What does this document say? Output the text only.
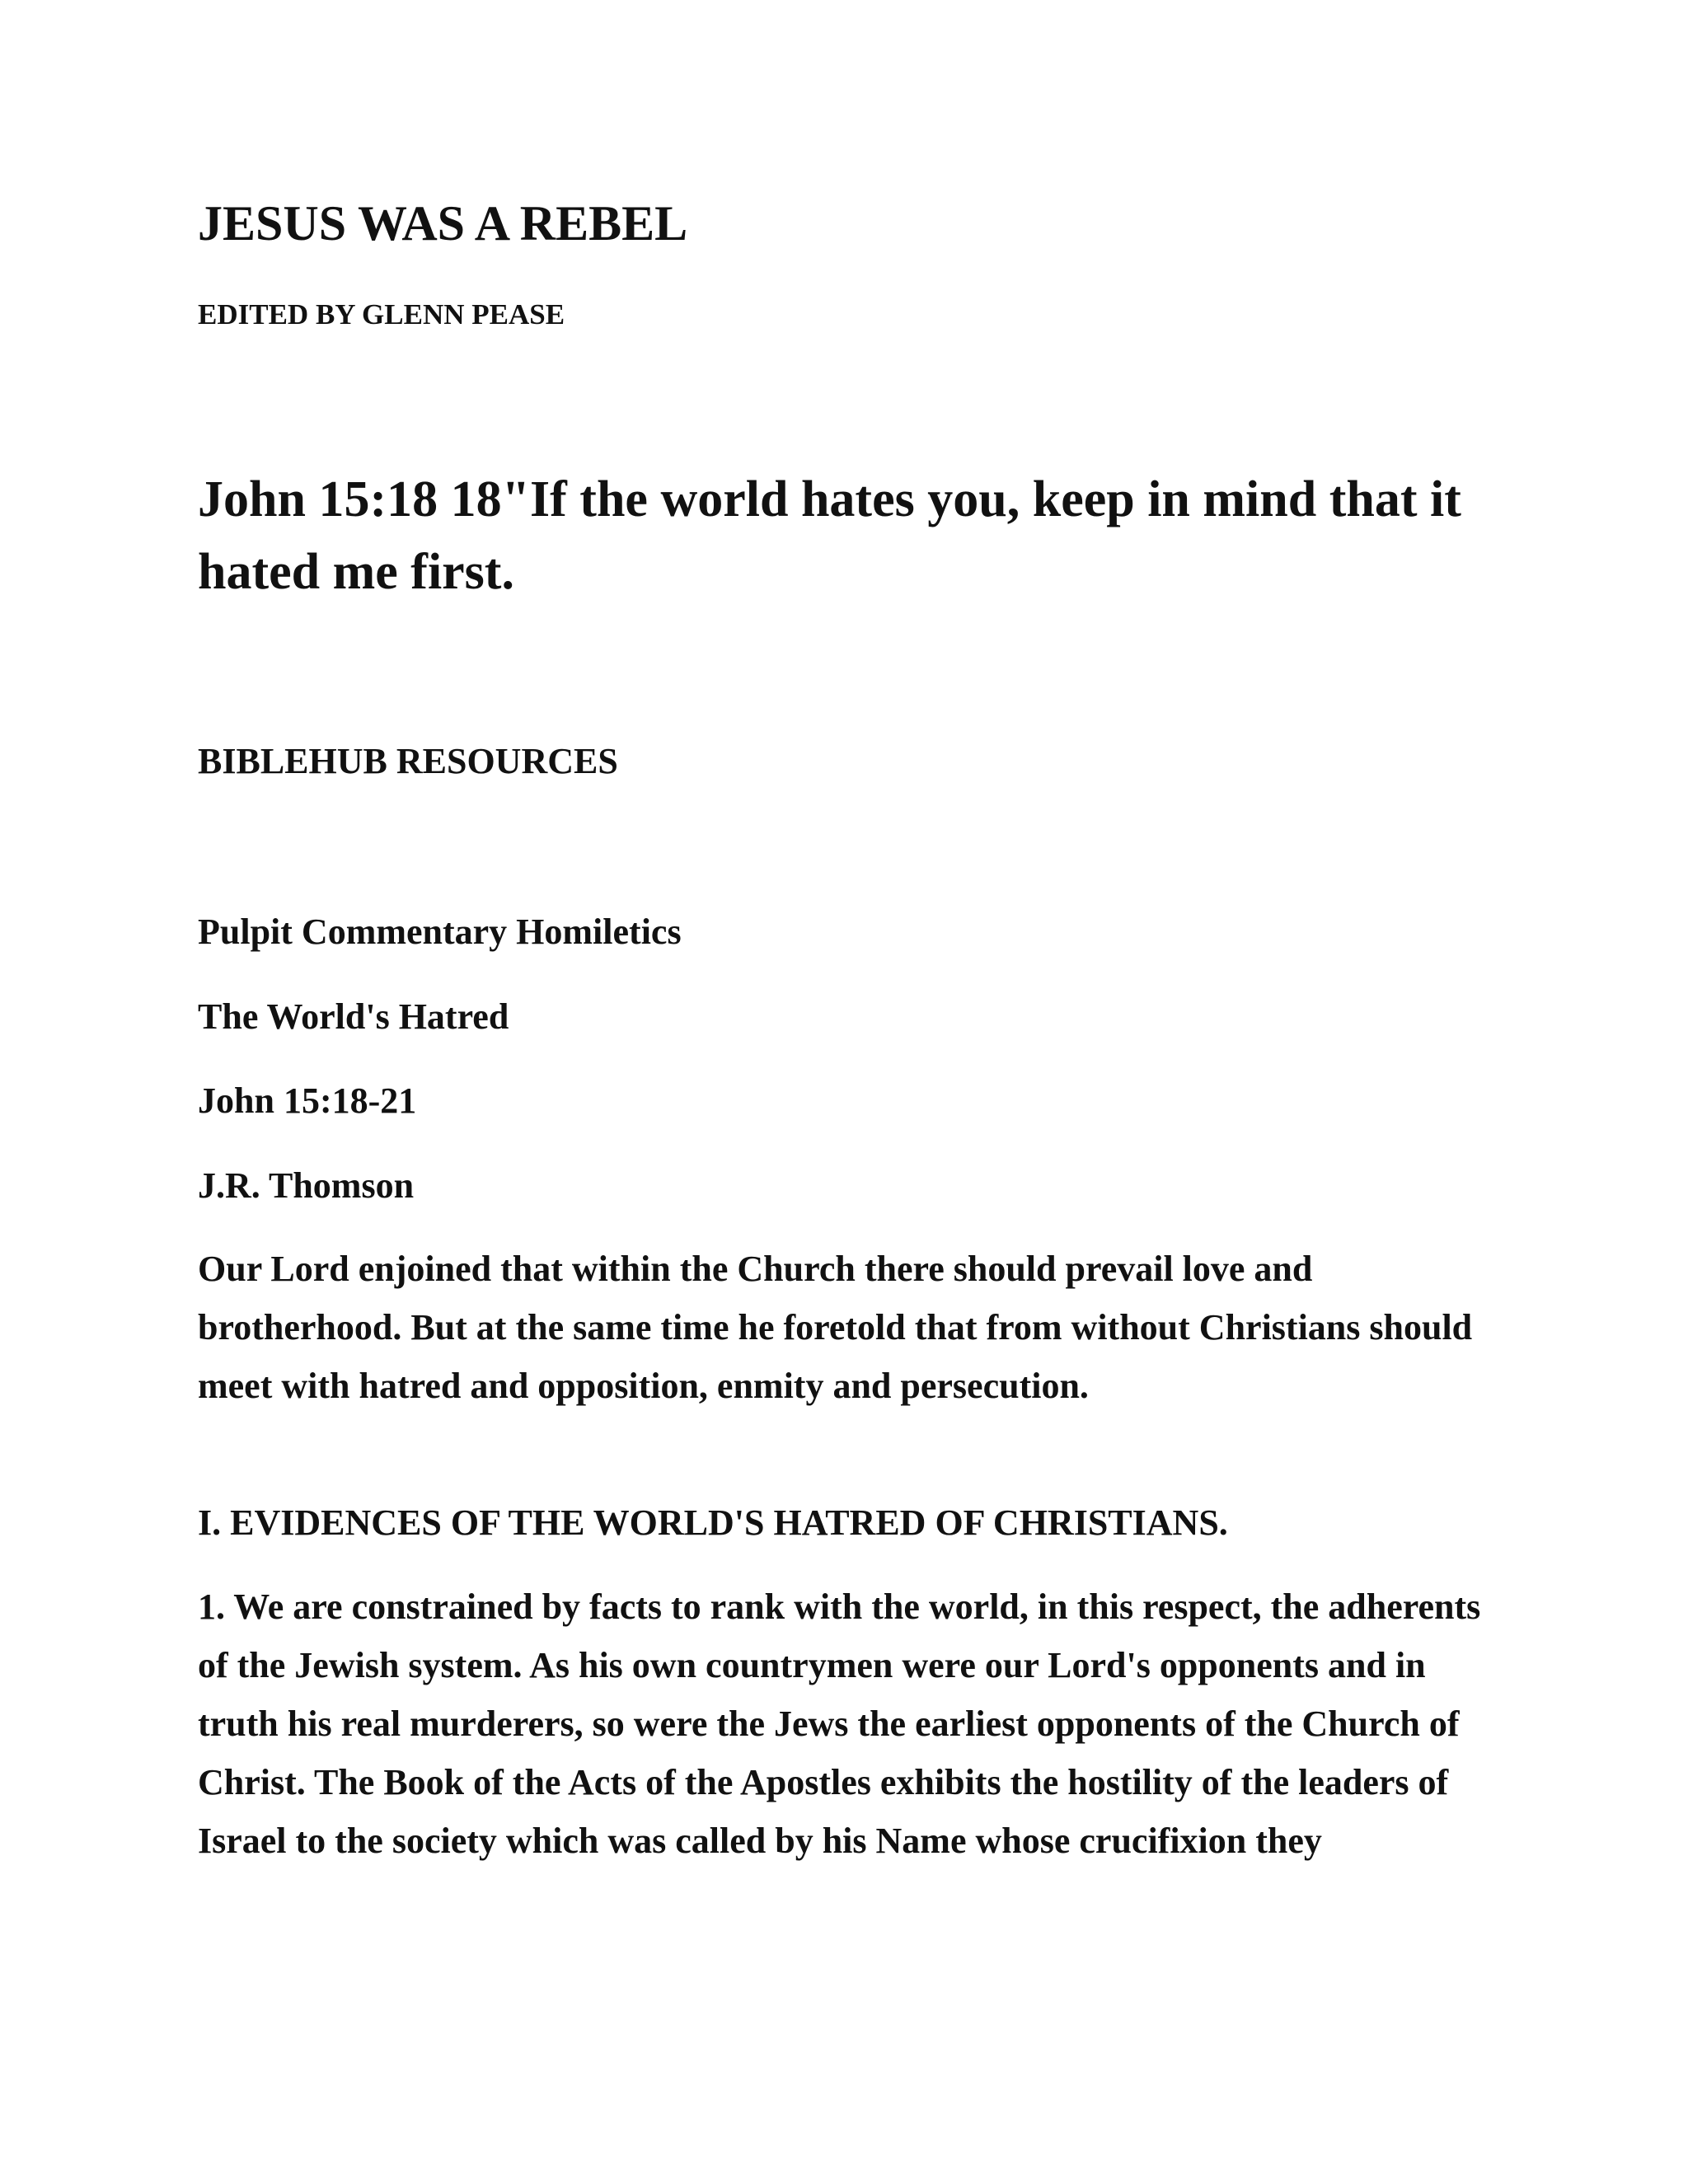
JESUS WAS A REBEL
EDITED BY GLENN PEASE

John 15:18 18"If the world hates you, keep in mind that it hated me first.

BIBLEHUB RESOURCES
Pulpit Commentary Homiletics
The World's Hatred
John 15:18-21
J.R. Thomson

Our Lord enjoined that within the Church there should prevail love and brotherhood. But at the same time he foretold that from without Christians should meet with hatred and opposition, enmity and persecution.

I. EVIDENCES OF THE WORLD'S HATRED OF CHRISTIANS.

1. We are constrained by facts to rank with the world, in this respect, the adherents of the Jewish system. As his own countrymen were our Lord's opponents and in truth his real murderers, so were the Jews the earliest opponents of the Church of Christ. The Book of the Acts of the Apostles exhibits the hostility of the leaders of Israel to the society which was called by his Name whose crucifixion they
